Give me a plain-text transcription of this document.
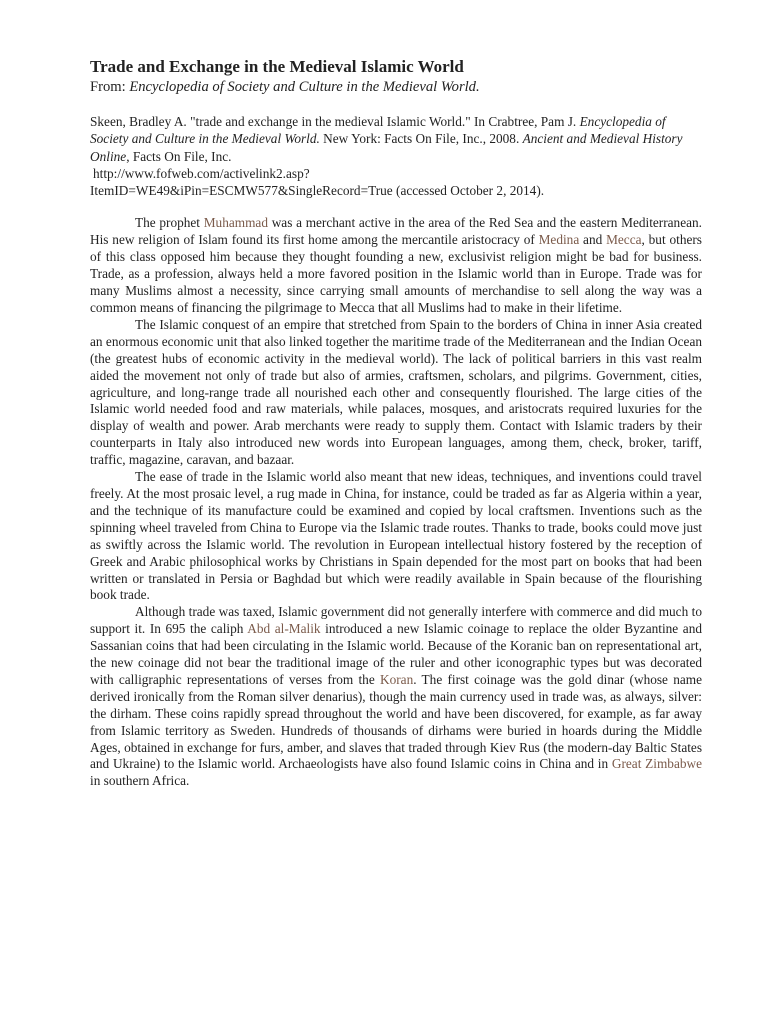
Trade and Exchange in the Medieval Islamic World

From: Encyclopedia of Society and Culture in the Medieval World.

Skeen, Bradley A. "trade and exchange in the medieval Islamic World." In Crabtree, Pam J. Encyclopedia of Society and Culture in the Medieval World. New York: Facts On File, Inc., 2008. Ancient and Medieval History Online, Facts On File, Inc.
http://www.fofweb.com/activelink2.asp?
ItemID=WE49&iPin=ESCMW577&SingleRecord=True (accessed October 2, 2014).

The prophet Muhammad was a merchant active in the area of the Red Sea and the eastern Mediterranean. His new religion of Islam found its first home among the mercantile aristocracy of Medina and Mecca, but others of this class opposed him because they thought founding a new, exclusivist religion might be bad for business. Trade, as a profession, always held a more favored position in the Islamic world than in Europe. Trade was for many Muslims almost a necessity, since carrying small amounts of merchandise to sell along the way was a common means of financing the pilgrimage to Mecca that all Muslims had to make in their lifetime.

The Islamic conquest of an empire that stretched from Spain to the borders of China in inner Asia created an enormous economic unit that also linked together the maritime trade of the Mediterranean and the Indian Ocean (the greatest hubs of economic activity in the medieval world). The lack of political barriers in this vast realm aided the movement not only of trade but also of armies, craftsmen, scholars, and pilgrims. Government, cities, agriculture, and long-range trade all nourished each other and consequently flourished. The large cities of the Islamic world needed food and raw materials, while palaces, mosques, and aristocrats required luxuries for the display of wealth and power. Arab merchants were ready to supply them. Contact with Islamic traders by their counterparts in Italy also introduced new words into European languages, among them, check, broker, tariff, traffic, magazine, caravan, and bazaar.

The ease of trade in the Islamic world also meant that new ideas, techniques, and inventions could travel freely. At the most prosaic level, a rug made in China, for instance, could be traded as far as Algeria within a year, and the technique of its manufacture could be examined and copied by local craftsmen. Inventions such as the spinning wheel traveled from China to Europe via the Islamic trade routes. Thanks to trade, books could move just as swiftly across the Islamic world. The revolution in European intellectual history fostered by the reception of Greek and Arabic philosophical works by Christians in Spain depended for the most part on books that had been written or translated in Persia or Baghdad but which were readily available in Spain because of the flourishing book trade.

Although trade was taxed, Islamic government did not generally interfere with commerce and did much to support it. In 695 the caliph Abd al-Malik introduced a new Islamic coinage to replace the older Byzantine and Sassanian coins that had been circulating in the Islamic world. Because of the Koranic ban on representational art, the new coinage did not bear the traditional image of the ruler and other iconographic types but was decorated with calligraphic representations of verses from the Koran. The first coinage was the gold dinar (whose name derived ironically from the Roman silver denarius), though the main currency used in trade was, as always, silver: the dirham. These coins rapidly spread throughout the world and have been discovered, for example, as far away from Islamic territory as Sweden. Hundreds of thousands of dirhams were buried in hoards during the Middle Ages, obtained in exchange for furs, amber, and slaves that traded through Kiev Rus (the modern-day Baltic States and Ukraine) to the Islamic world. Archaeologists have also found Islamic coins in China and in Great Zimbabwe in southern Africa.
